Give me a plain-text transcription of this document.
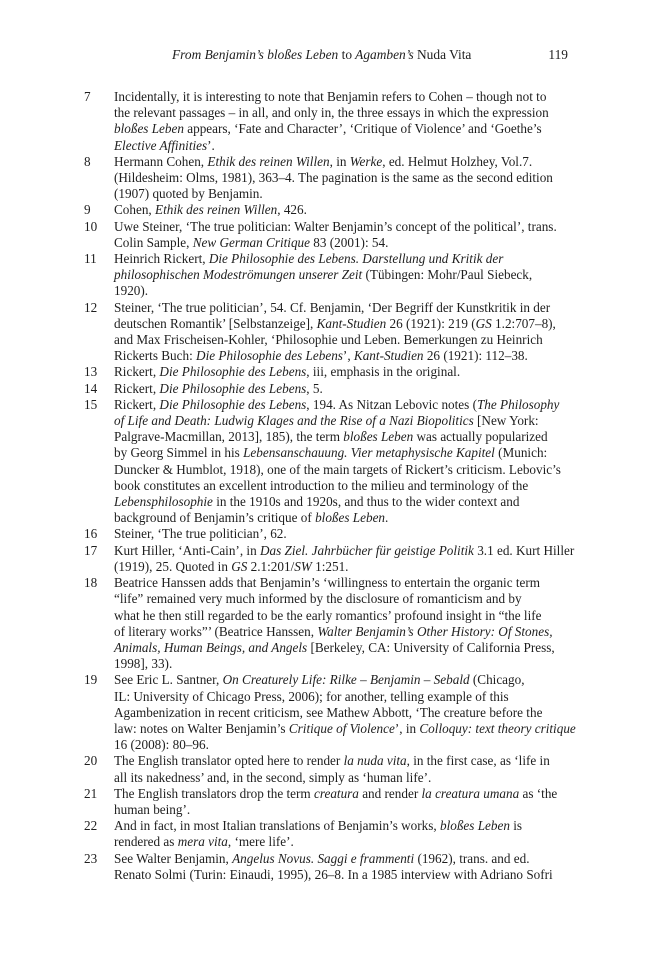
From Benjamin’s bloßes Leben to Agamben’s Nuda Vita	119
7	Incidentally, it is interesting to note that Benjamin refers to Cohen – though not to
the relevant passages – in all, and only in, the three essays in which the expression
bloßes Leben appears, ‘Fate and Character’, ‘Critique of Violence’ and ‘Goethe’s
Elective Affinities’.
8	Hermann Cohen, Ethik des reinen Willen, in Werke, ed. Helmut Holzhey, Vol.7.
(Hildesheim: Olms, 1981), 363–4. The pagination is the same as the second edition
(1907) quoted by Benjamin.
9	Cohen, Ethik des reinen Willen, 426.
10	Uwe Steiner, ‘The true politician: Walter Benjamin’s concept of the political’, trans.
Colin Sample, New German Critique 83 (2001): 54.
11	Heinrich Rickert, Die Philosophie des Lebens. Darstellung und Kritik der
philosophischen Modeströmungen unserer Zeit (Tübingen: Mohr/Paul Siebeck,
1920).
12	Steiner, ‘The true politician’, 54. Cf. Benjamin, ‘Der Begriff der Kunstkritik in der
deutschen Romantik’ [Selbstanzeige], Kant-Studien 26 (1921): 219 (GS 1.2:707–8),
and Max Frischeisen-Kohler, ‘Philosophie und Leben. Bemerkungen zu Heinrich
Rickerts Buch: Die Philosophie des Lebens’, Kant-Studien 26 (1921): 112–38.
13	Rickert, Die Philosophie des Lebens, iii, emphasis in the original.
14	Rickert, Die Philosophie des Lebens, 5.
15	Rickert, Die Philosophie des Lebens, 194. As Nitzan Lebovic notes (The Philosophy
of Life and Death: Ludwig Klages and the Rise of a Nazi Biopolitics [New York:
Palgrave-Macmillan, 2013], 185), the term bloßes Leben was actually popularized
by Georg Simmel in his Lebensanschauung. Vier metaphysische Kapitel (Munich:
Duncker & Humblot, 1918), one of the main targets of Rickert’s criticism. Lebovic’s
book constitutes an excellent introduction to the milieu and terminology of the
Lebensphilosophie in the 1910s and 1920s, and thus to the wider context and
background of Benjamin’s critique of bloßes Leben.
16	Steiner, ‘The true politician’, 62.
17	Kurt Hiller, ‘Anti-Cain’, in Das Ziel. Jahrbücher für geistige Politik 3.1 ed. Kurt Hiller
(1919), 25. Quoted in GS 2.1:201/SW 1:251.
18	Beatrice Hanssen adds that Benjamin’s ‘willingness to entertain the organic term
“life” remained very much informed by the disclosure of romanticism and by
what he then still regarded to be the early romantics’ profound insight in “the life
of literary works”’ (Beatrice Hanssen, Walter Benjamin’s Other History: Of Stones,
Animals, Human Beings, and Angels [Berkeley, CA: University of California Press,
1998], 33).
19	See Eric L. Santner, On Creaturely Life: Rilke – Benjamin – Sebald (Chicago,
IL: University of Chicago Press, 2006); for another, telling example of this
Agambenization in recent criticism, see Mathew Abbott, ‘The creature before the
law: notes on Walter Benjamin’s Critique of Violence’, in Colloquy: text theory critique
16 (2008): 80–96.
20	The English translator opted here to render la nuda vita, in the first case, as ‘life in
all its nakedness’ and, in the second, simply as ‘human life’.
21	The English translators drop the term creatura and render la creatura umana as ‘the
human being’.
22	And in fact, in most Italian translations of Benjamin’s works, bloßes Leben is
rendered as mera vita, ‘mere life’.
23	See Walter Benjamin, Angelus Novus. Saggi e frammenti (1962), trans. and ed.
Renato Solmi (Turin: Einaudi, 1995), 26–8. In a 1985 interview with Adriano Sofri
